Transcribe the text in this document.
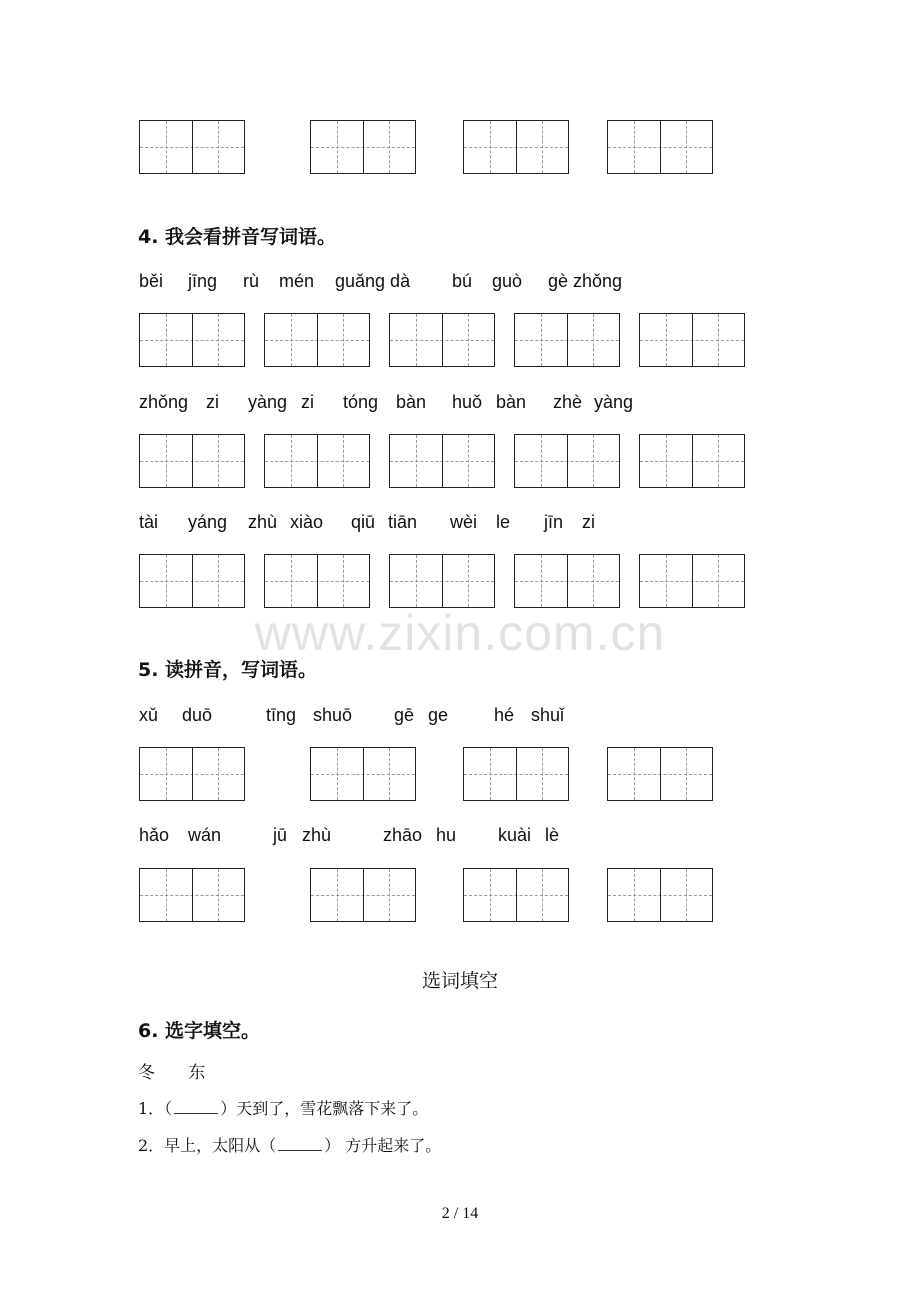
4. 我会看拼音写词语。
běi jīng rù mén guǎng dà bú guò gè zhǒng
zhǒng zi yàng zi tóng bàn huǒ bàn zhè yàng
tài yáng zhù xiào qiū tiān wèi le jīn zi
www.zixin.com.cn
5. 读拼音，写词语。
xǔ duō	tīng shuō gē ge	hé shuǐ
hǎo wán	jū zhù	zhāo hu kuài lè
选词填空
6. 选字填空。
冬 东
1．（	）天到了，雪花飘落下来了。
2．早上，太阳从（	） 方升起来了。
2 / 14
